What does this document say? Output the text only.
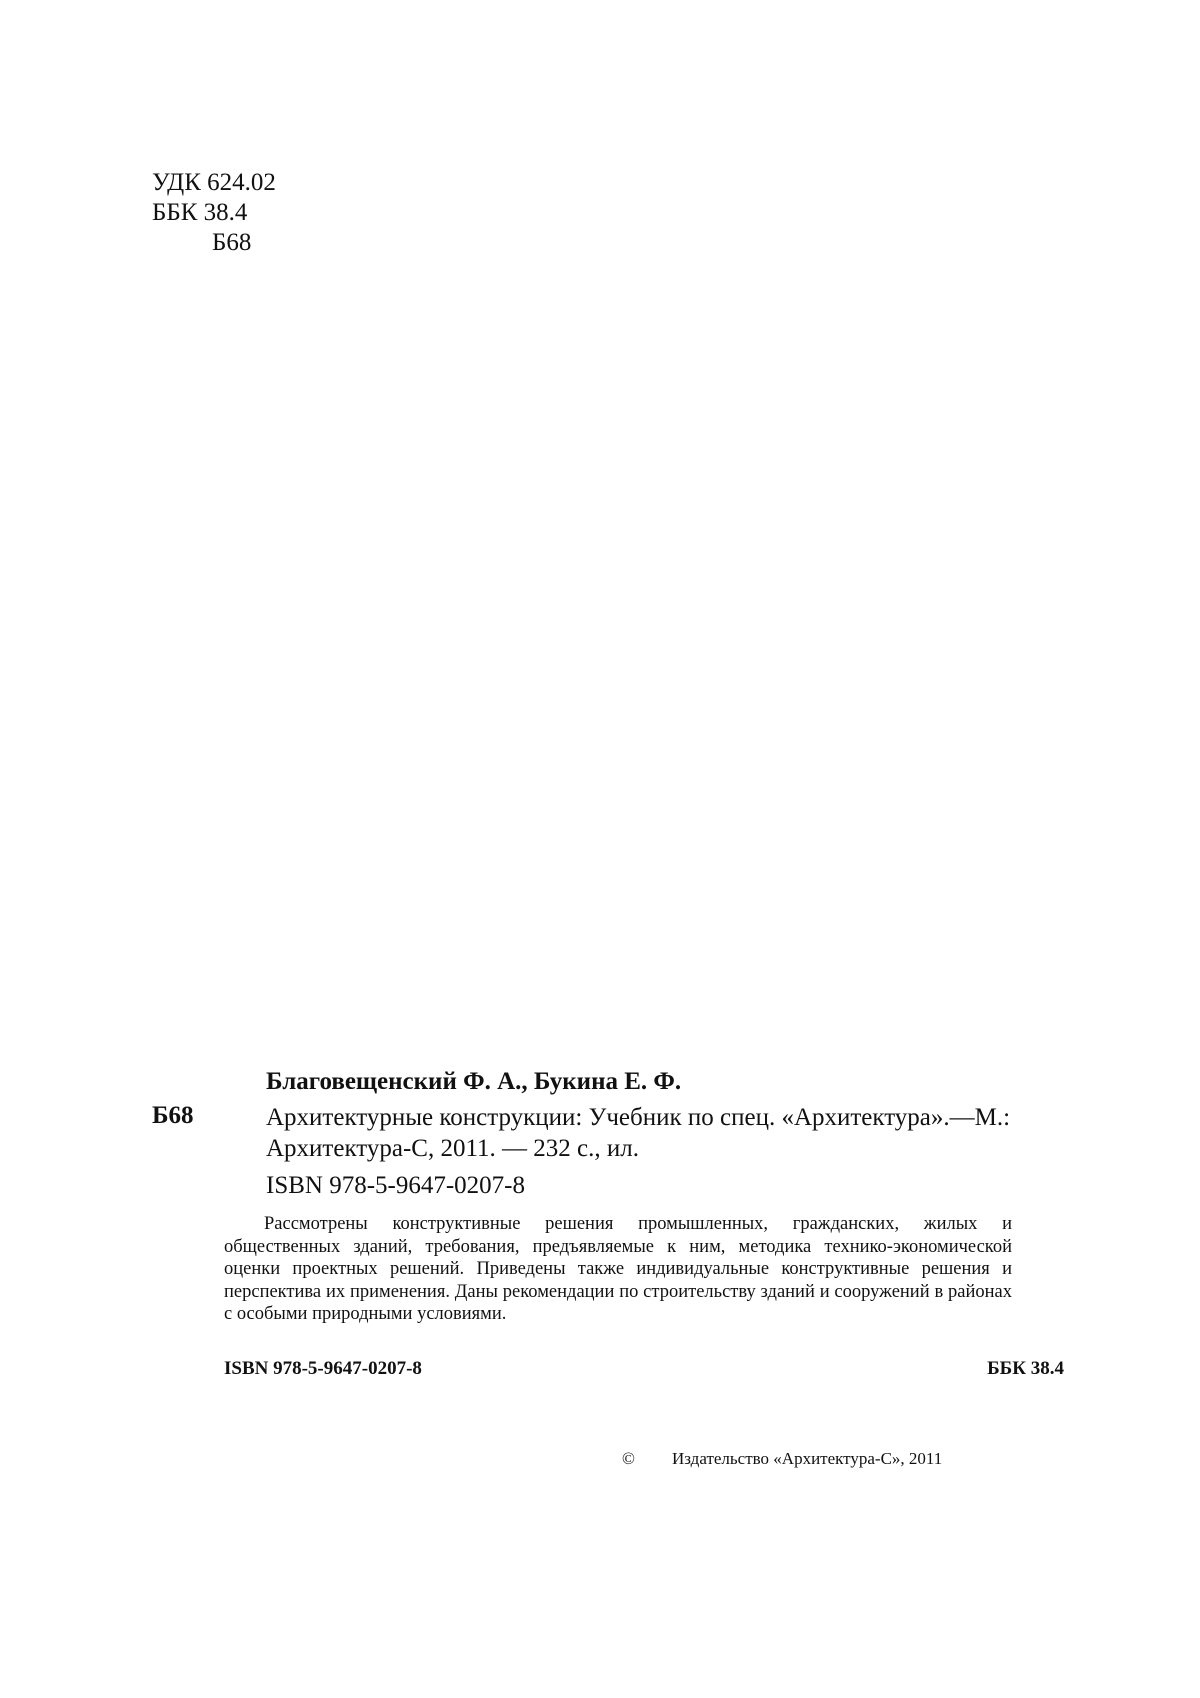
УДК 624.02
ББК 38.4
Б68
Благовещенский Ф. А., Букина Е. Ф.
Б68	Архитектурные конструкции: Учебник по спец. «Архитектура».—М.: Архитектура-С, 2011. — 232 с., ил.
ISBN 978-5-9647-0207-8
Рассмотрены конструктивные решения промышленных, гражданских, жилых и общественных зданий, требования, предъявляемые к ним, методика технико-экономической оценки проектных решений. Приведены также индивидуальные конструктивные решения и перспектива их применения. Даны рекомендации по строительству зданий и сооружений в районах с особыми природными условиями.
ISBN 978-5-9647-0207-8	ББК 38.4
© Издательство «Архитектура-С», 2011
